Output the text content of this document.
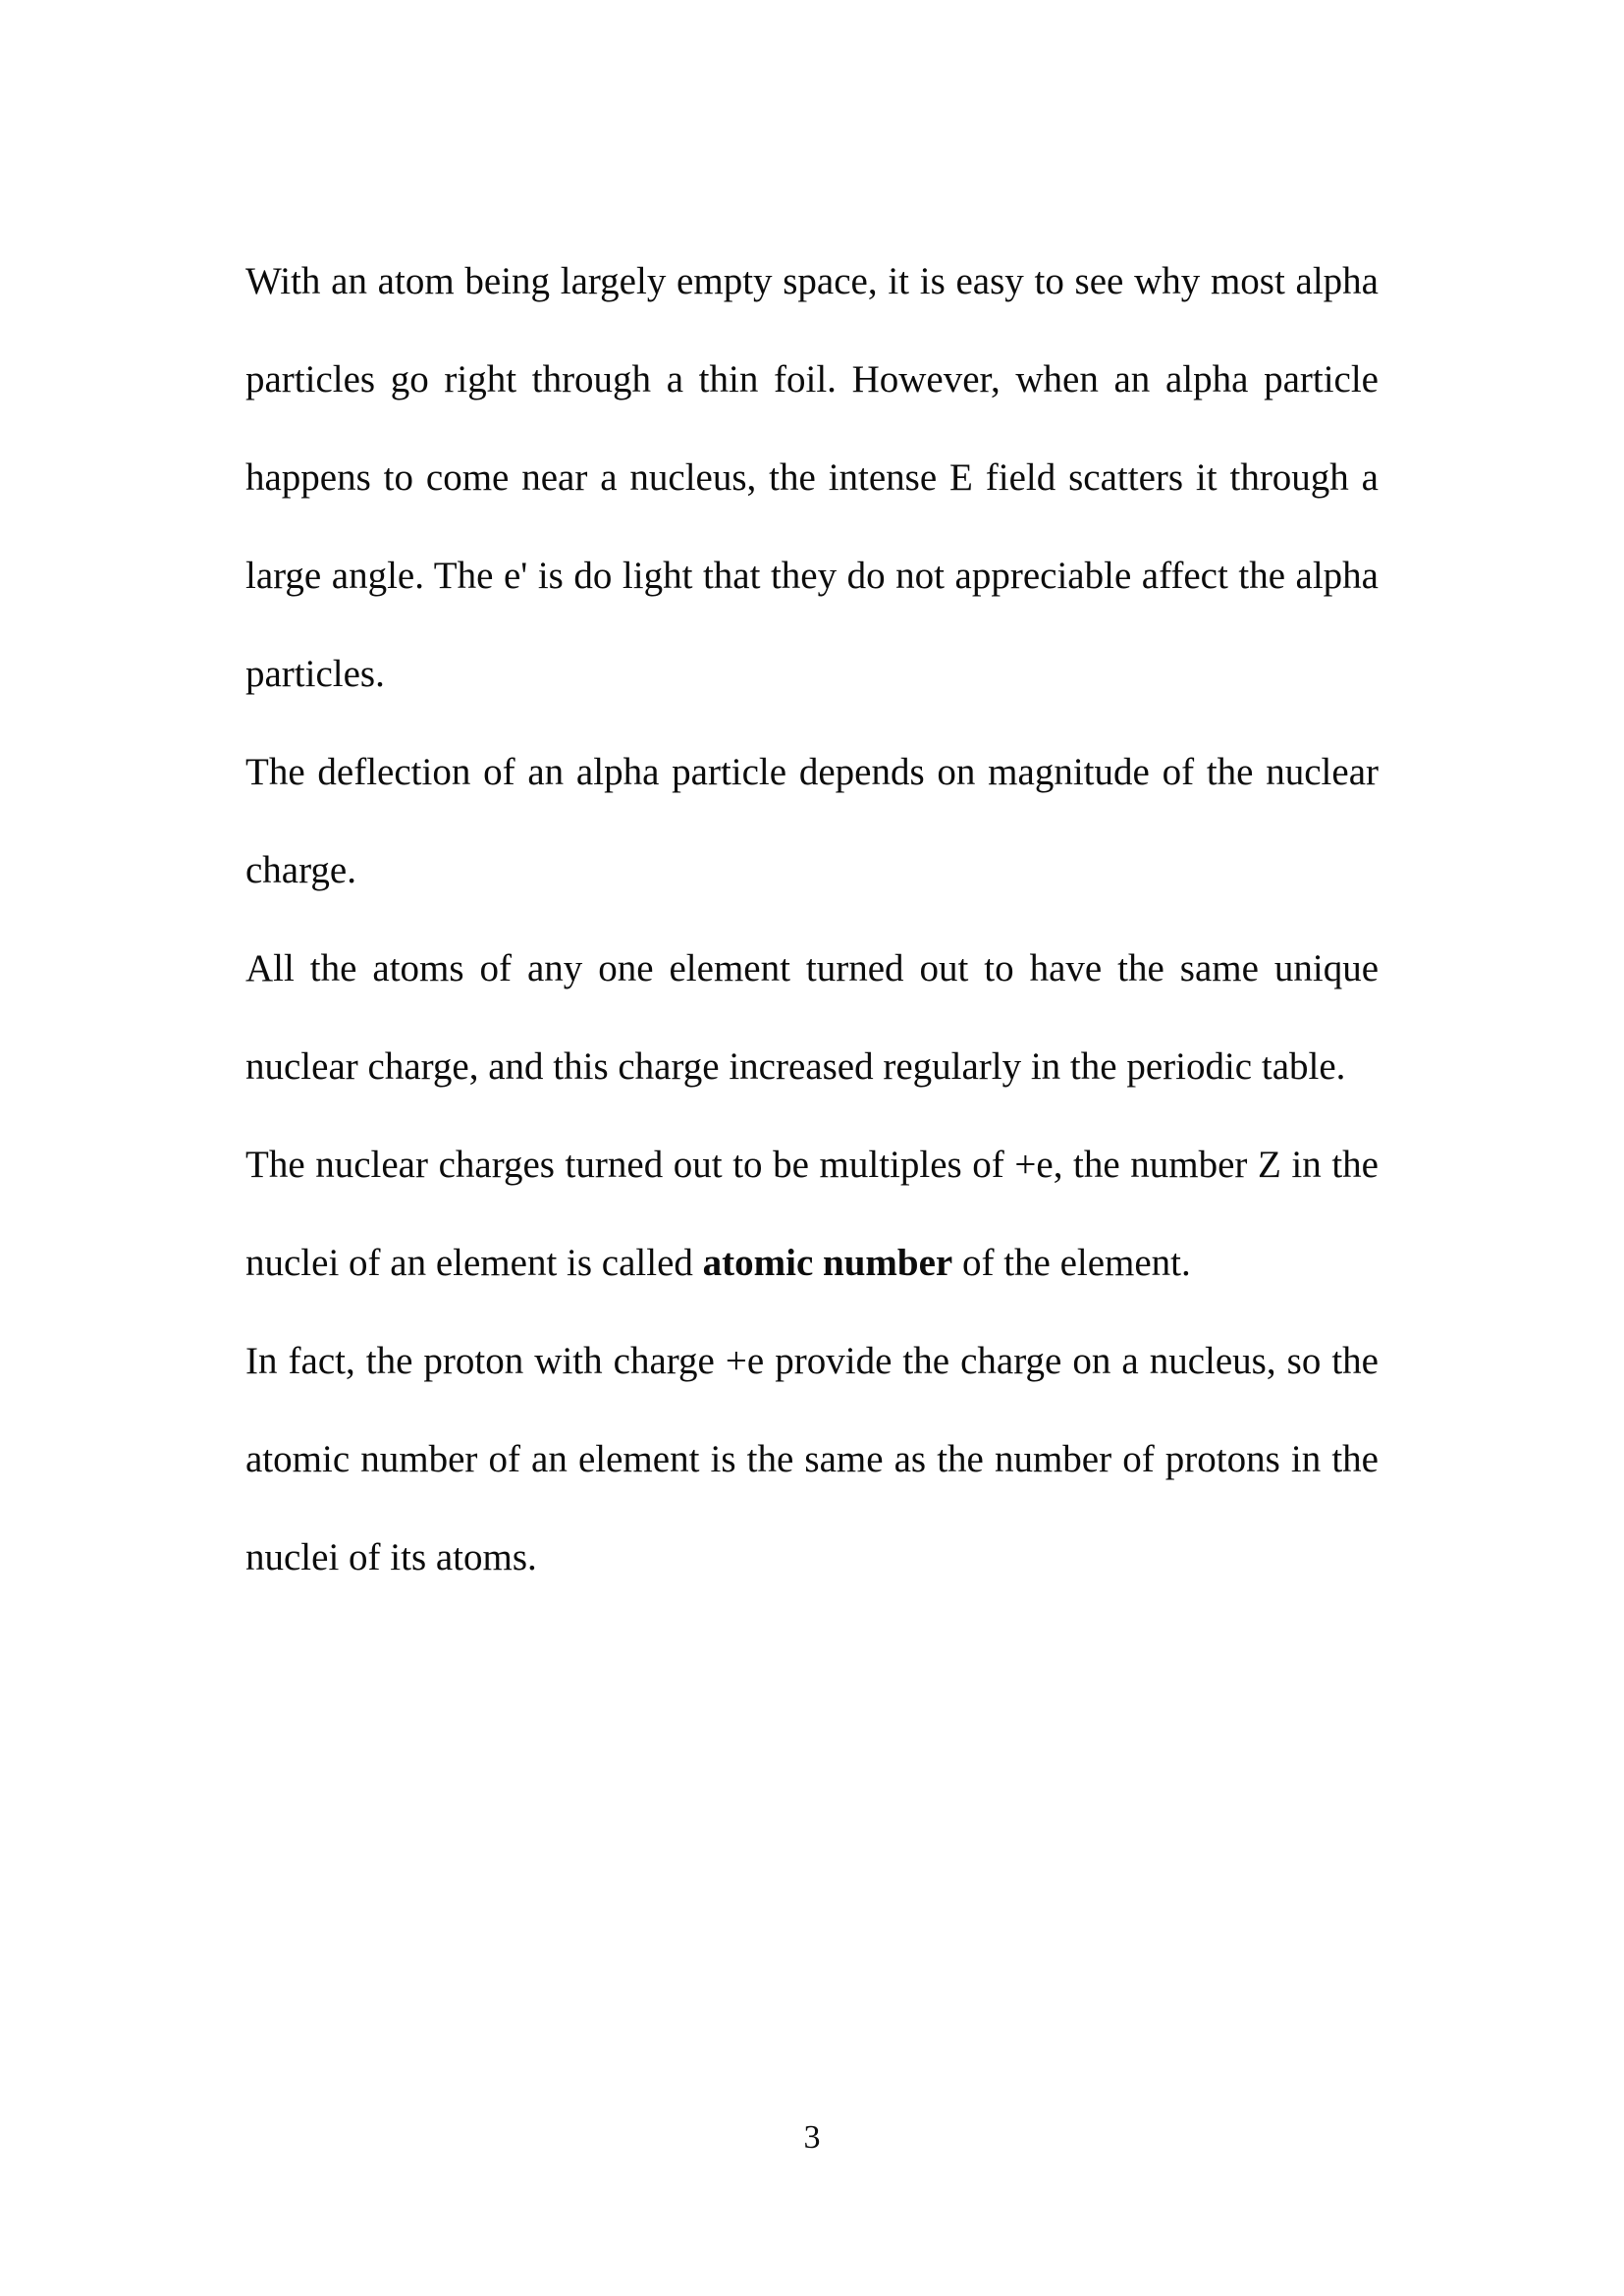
With an atom being largely empty space, it is easy to see why most alpha particles go right through a thin foil. However, when an alpha particle happens to come near a nucleus, the intense E field scatters it through a large angle. The e' is do light that they do not appreciable affect the alpha particles.

The deflection of an alpha particle depends on magnitude of the nuclear charge.

All the atoms of any one element turned out to have the same unique nuclear charge, and this charge increased regularly in the periodic table.

The nuclear charges turned out to be multiples of +e, the number Z in the nuclei of an element is called atomic number of the element.

In fact, the proton with charge +e provide the charge on a nucleus, so the atomic number of an element is the same as the number of protons in the nuclei of its atoms.

3
